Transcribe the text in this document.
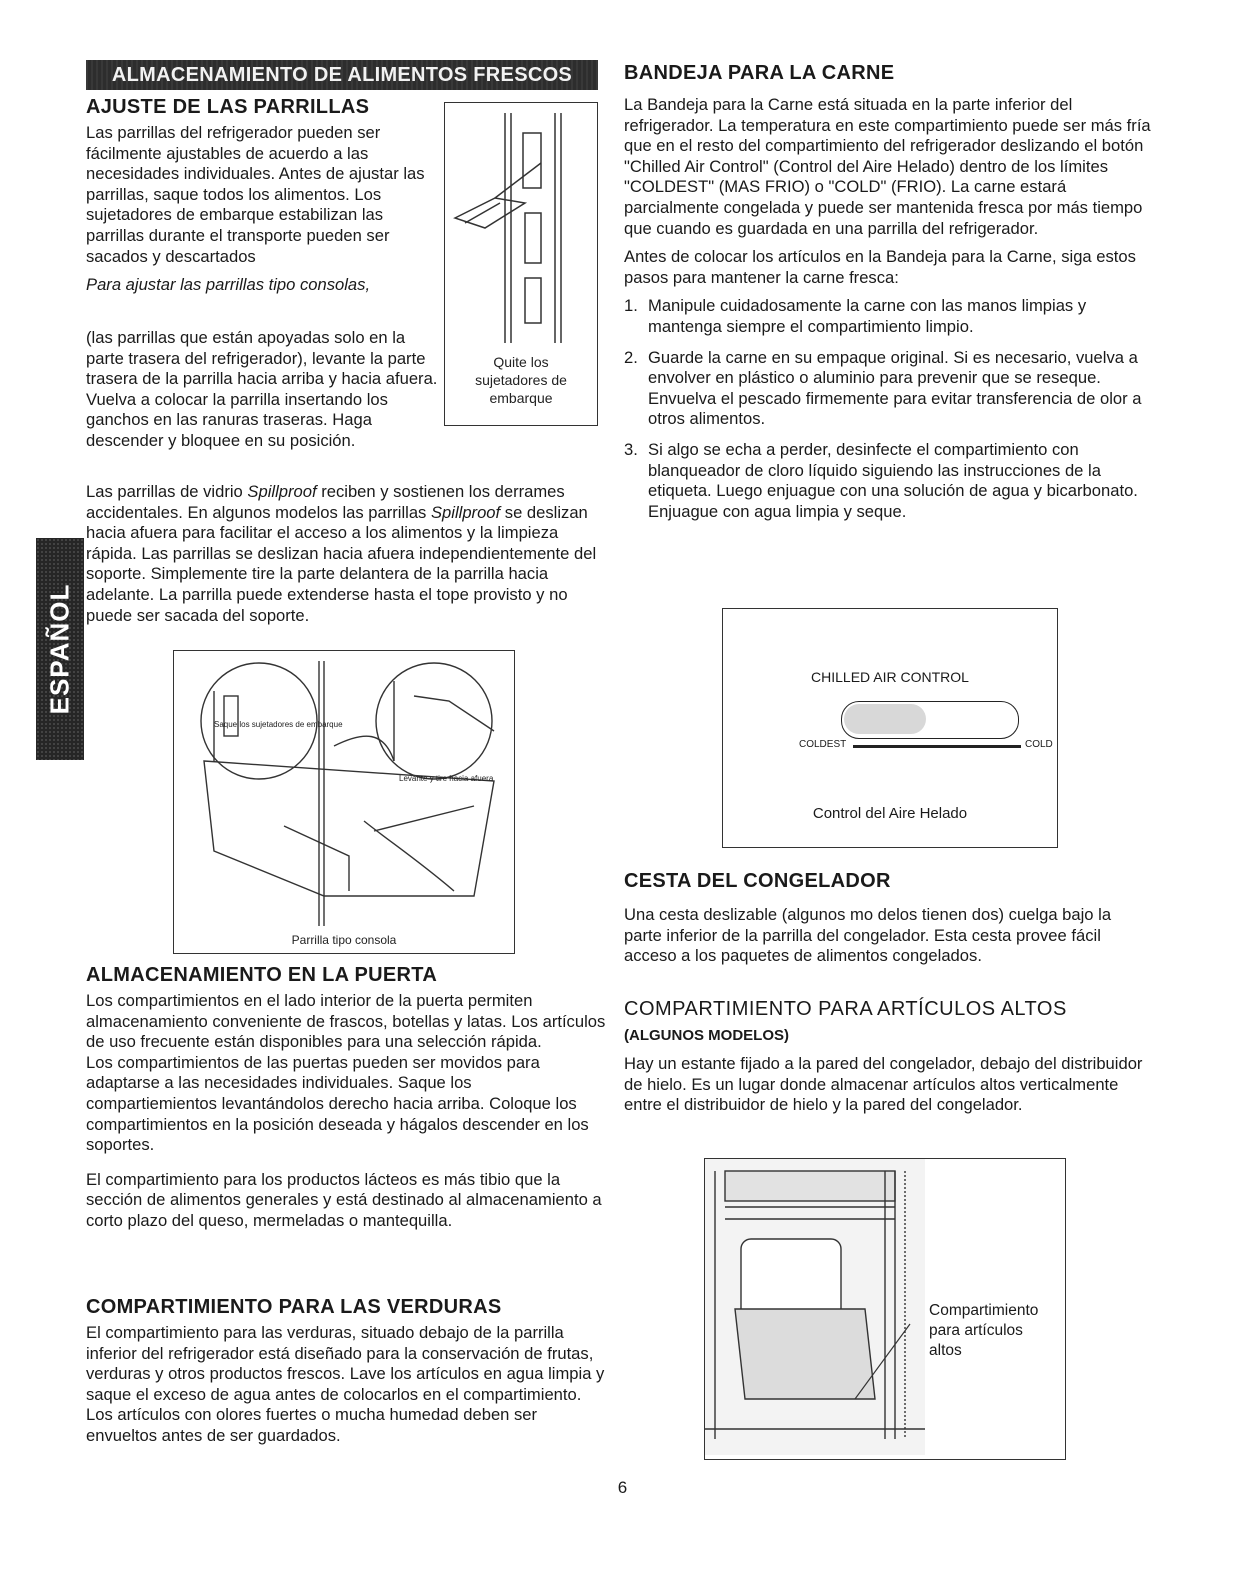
ALMACENAMIENTO DE ALIMENTOS FRESCOS
ESPAÑOL
AJUSTE DE LAS PARRILLAS

Las parrillas del refrigerador pueden ser fácilmente ajustables de acuerdo a las necesidades individuales. Antes de ajustar las parrillas, saque todos los alimentos. Los sujetadores de embarque estabilizan las parrillas durante el transporte pueden ser sacados y descartados

Para ajustar las parrillas tipo consolas,

Quite los sujetadores de embarque

(las parrillas que están apoyadas solo en la parte trasera del refrigerador), levante la parte trasera de la parrilla hacia arriba y hacia afuera. Vuelva a colocar la parrilla insertando los ganchos en las ranuras traseras. Haga descender y bloquee en su posición.

Las parrillas de vidrio Spillproof reciben y sostienen los derrames accidentales. En algunos modelos las parrillas Spillproof se deslizan hacia afuera para facilitar el acceso a los alimentos y la limpieza rápida. Las parrillas se deslizan hacia afuera independientemente del soporte. Simplemente tire la parte delantera de la parrilla hacia adelante. La parrilla puede extenderse hasta el tope provisto y no puede ser sacada del soporte.

Saque los sujetadores de embarque
Levante y tire hacia afuera
Parrilla tipo consola
ALMACENAMIENTO EN LA PUERTA

Los compartimientos en el lado interior de la puerta permiten almacenamiento conveniente de frascos, botellas y latas. Los artículos de uso frecuente están disponibles para una selección rápida.

Los compartimientos de las puertas pueden ser movidos para adaptarse a las necesidades individuales. Saque los compartiemientos levantándolos derecho hacia arriba. Coloque los compartimientos en la posición deseada y hágalos descender en los soportes.

El compartimiento para los productos lácteos es más tibio que la sección de alimentos generales y está destinado al almacenamiento a corto plazo del queso, mermeladas o mantequilla.

COMPARTIMIENTO PARA LAS VERDURAS

El compartimiento para las verduras, situado debajo de la parrilla inferior del refrigerador está diseñado para la conservación de frutas, verduras y otros productos frescos. Lave los artículos en agua limpia y saque el exceso de agua antes de colocarlos en el compartimiento. Los artículos con olores fuertes o mucha humedad deben ser envueltos antes de ser guardados.

BANDEJA PARA LA CARNE

La Bandeja para la Carne está situada en la parte inferior del refrigerador. La temperatura en este compartimiento puede ser más fría que en el resto del compartimiento del refrigerador deslizando el botón "Chilled Air Control" (Control del Aire Helado) dentro de los límites "COLDEST" (MAS FRIO) o "COLD" (FRIO). La carne estará parcialmente congelada y puede ser mantenida fresca por más tiempo que cuando es guardada en una parrilla del refrigerador.

Antes de colocar los artículos en la Bandeja para la Carne, siga estos pasos para mantener la carne fresca:

1. Manipule cuidadosamente la carne con las manos limpias y mantenga siempre el compartimiento limpio.
2. Guarde la carne en su empaque original. Si es necesario, vuelva a envolver en plástico o aluminio para prevenir que se reseque. Envuelva el pescado firmemente para evitar transferencia de olor a otros alimentos.
3. Si algo se echa a perder, desinfecte el compartimiento con blanqueador de cloro líquido siguiendo las instrucciones de la etiqueta. Luego enjuague con una solución de agua y bicarbonato. Enjuague con agua limpia y seque.
CHILLED AIR CONTROL
COLDEST	COLD
Control del Aire Helado
CESTA DEL CONGELADOR

Una cesta deslizable (algunos mo delos tienen dos) cuelga bajo la parte inferior de la parrilla del congelador. Esta cesta provee fácil acceso a los paquetes de alimentos congelados.

COMPARTIMIENTO PARA ARTÍCULOS ALTOS
(ALGUNOS MODELOS)

Hay un estante fijado a la pared del congelador, debajo del distribuidor de hielo. Es un lugar donde almacenar artículos altos verticalmente entre el distribuidor de hielo y la pared del congelador.

Compartimiento para artículos altos
6
